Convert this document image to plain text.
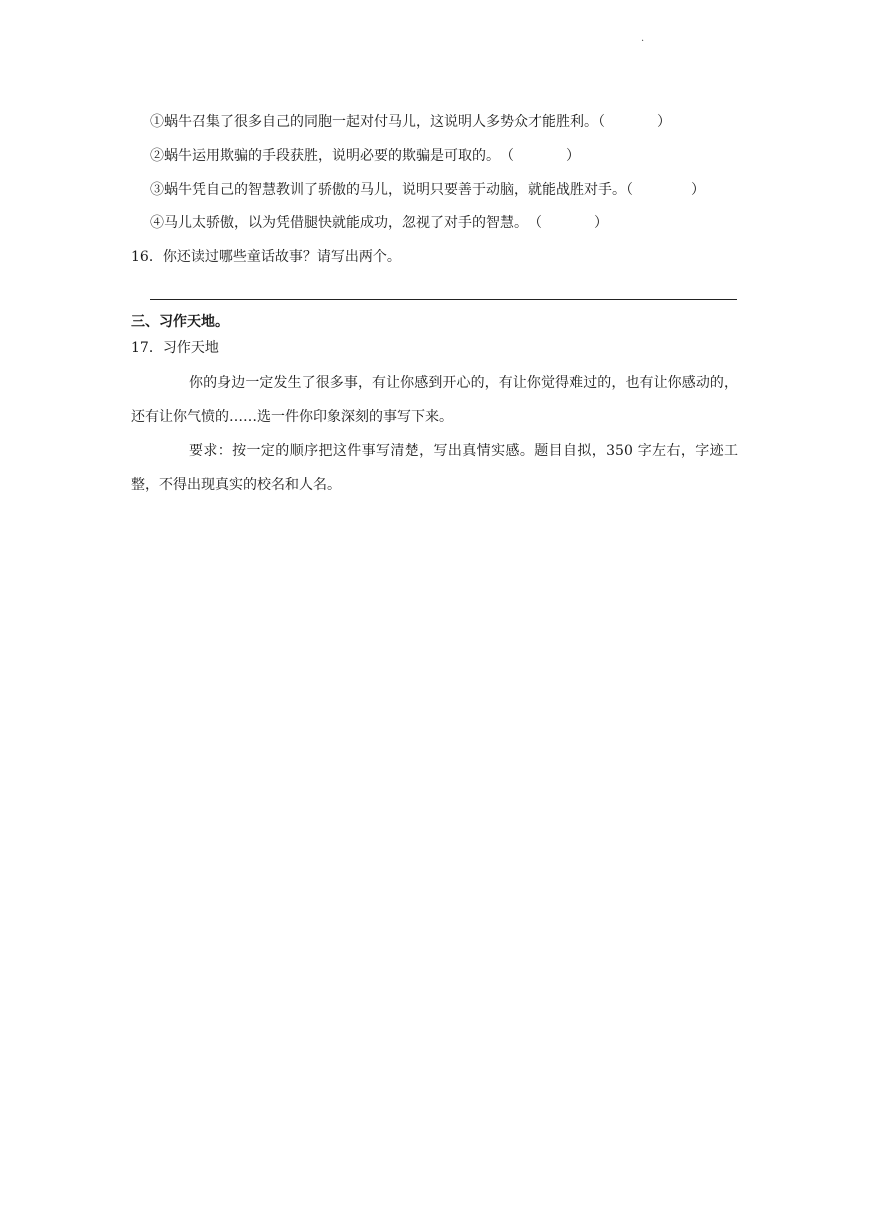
·
①蜗牛召集了很多自己的同胞一起对付马儿，这说明人多势众才能胜利。（	）
②蜗牛运用欺骗的手段获胜，说明必要的欺骗是可取的。　（	）
③蜗牛凭自己的智慧教训了骄傲的马儿，说明只要善于动脑，就能战胜对手。（	）
④马儿太骄傲，以为凭借腿快就能成功，忽视了对手的智慧。　（	）
16．你还读过哪些童话故事？请写出两个。
三、习作天地。
17．习作天地
你的身边一定发生了很多事，有让你感到开心的，有让你觉得难过的，也有让你感动的，还有让你气愤的……选一件你印象深刻的事写下来。
要求：按一定的顺序把这件事写清楚，写出真情实感。题目自拟，350 字左右，字迹工整，不得出现真实的校名和人名。
